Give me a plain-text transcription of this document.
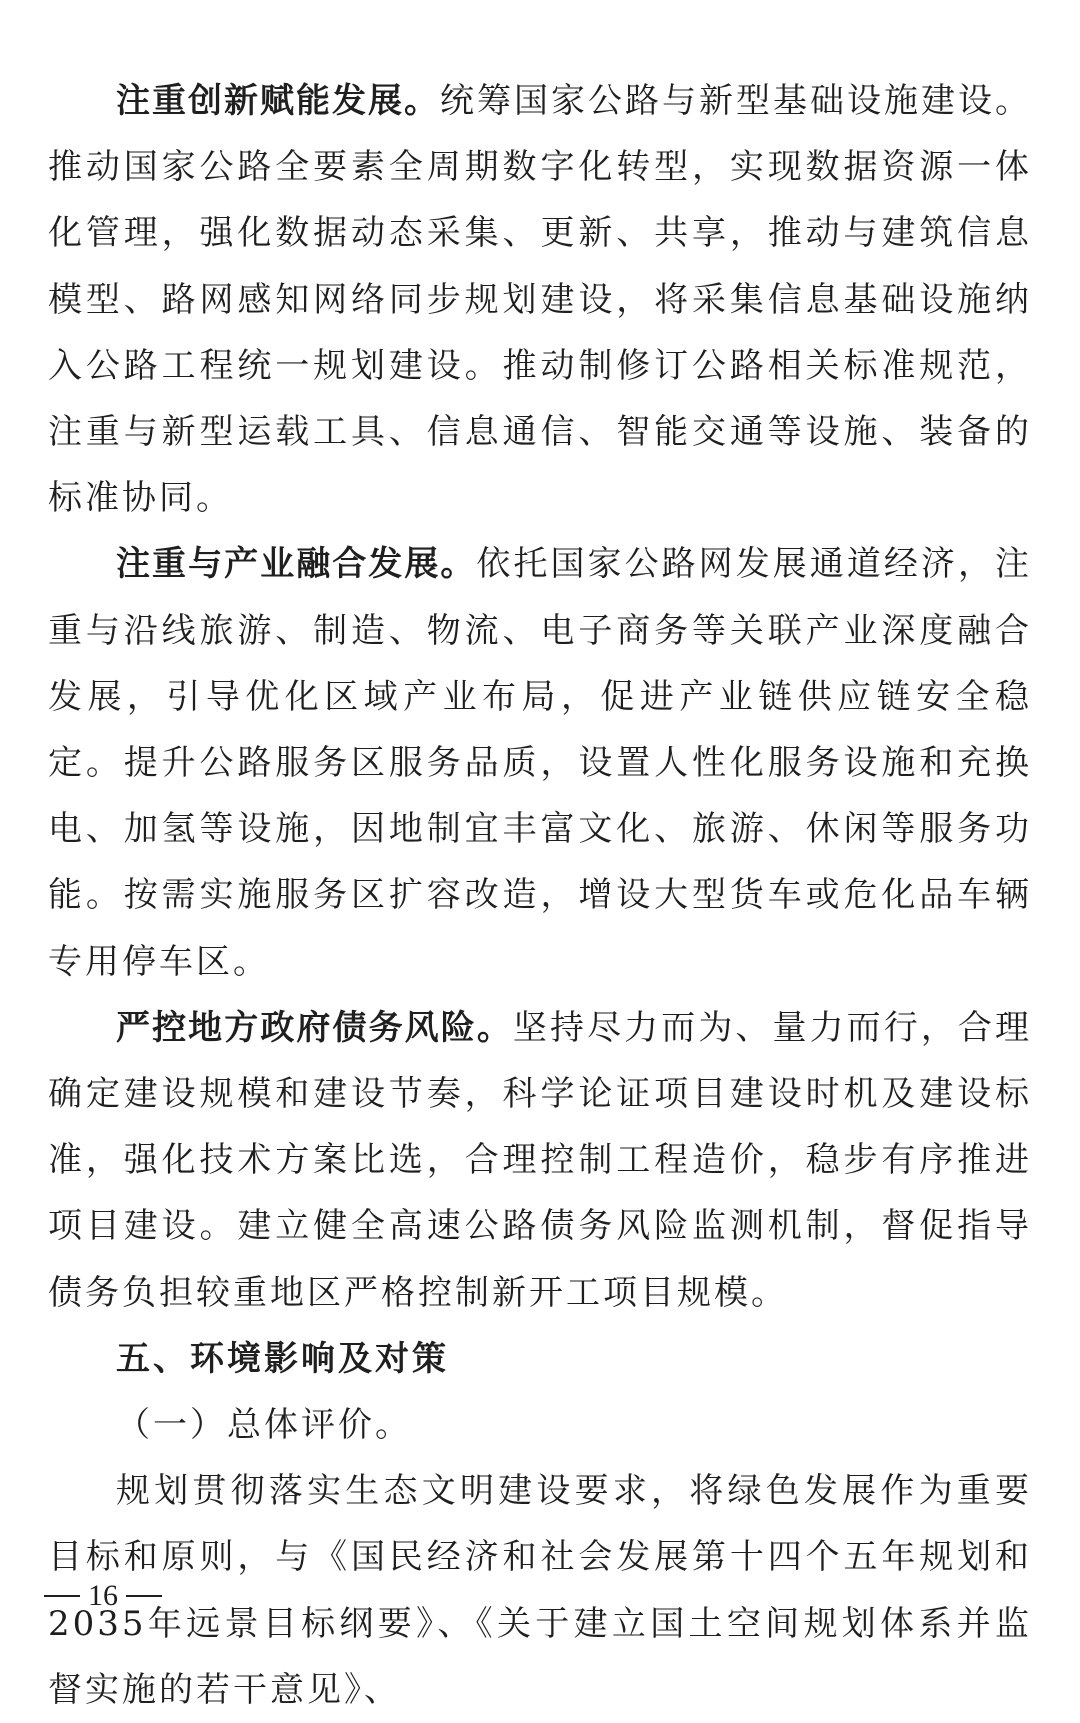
注重创新赋能发展。统筹国家公路与新型基础设施建设。推动国家公路全要素全周期数字化转型，实现数据资源一体化管理，强化数据动态采集、更新、共享，推动与建筑信息模型、路网感知网络同步规划建设，将采集信息基础设施纳入公路工程统一规划建设。推动制修订公路相关标准规范，注重与新型运载工具、信息通信、智能交通等设施、装备的标准协同。

注重与产业融合发展。依托国家公路网发展通道经济，注重与沿线旅游、制造、物流、电子商务等关联产业深度融合发展，引导优化区域产业布局，促进产业链供应链安全稳定。提升公路服务区服务品质，设置人性化服务设施和充换电、加氢等设施，因地制宜丰富文化、旅游、休闲等服务功能。按需实施服务区扩容改造，增设大型货车或危化品车辆专用停车区。

严控地方政府债务风险。坚持尽力而为、量力而行，合理确定建设规模和建设节奏，科学论证项目建设时机及建设标准，强化技术方案比选，合理控制工程造价，稳步有序推进项目建设。建立健全高速公路债务风险监测机制，督促指导债务负担较重地区严格控制新开工项目规模。

五、环境影响及对策

（一）总体评价。

规划贯彻落实生态文明建设要求，将绿色发展作为重要目标和原则，与《国民经济和社会发展第十四个五年规划和2035年远景目标纲要》、《关于建立国土空间规划体系并监督实施的若干意见》、

16
